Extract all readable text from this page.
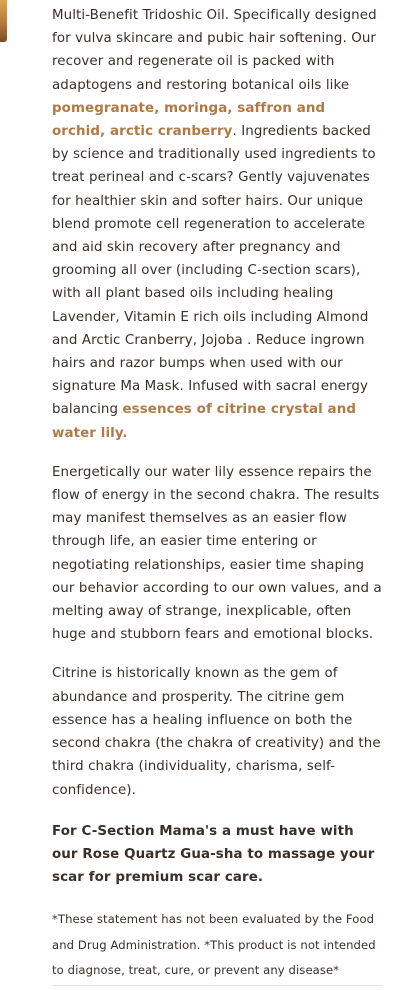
Multi-Benefit Tridoshic Oil. Specifically designed for vulva skincare and pubic hair softening. Our recover and regenerate oil is packed with adaptogens and restoring botanical oils like pomegranate, moringa, saffron and orchid, arctic cranberry. Ingredients backed by science and traditionally used ingredients to treat perineal and c-scars? Gently vajuvenates for healthier skin and softer hairs. Our unique blend promote cell regeneration to accelerate and aid skin recovery after pregnancy and grooming all over (including C-section scars), with all plant based oils including healing Lavender, Vitamin E rich oils including Almond and Arctic Cranberry, Jojoba . Reduce ingrown hairs and razor bumps when used with our signature Ma Mask. Infused with sacral energy balancing essences of citrine crystal and water lily.

Energetically our water lily essence repairs the flow of energy in the second chakra. The results may manifest themselves as an easier flow through life, an easier time entering or negotiating relationships, easier time shaping our behavior according to our own values, and a melting away of strange, inexplicable, often huge and stubborn fears and emotional blocks.

Citrine is historically known as the gem of abundance and prosperity. The citrine gem essence has a healing influence on both the second chakra (the chakra of creativity) and the third chakra (individuality, charisma, self-confidence).

For C-Section Mama's a must have with our Rose Quartz Gua-sha to massage your scar for premium scar care.

*These statement has not been evaluated by the Food and Drug Administration. *This product is not intended to diagnose, treat, cure, or prevent any disease*
